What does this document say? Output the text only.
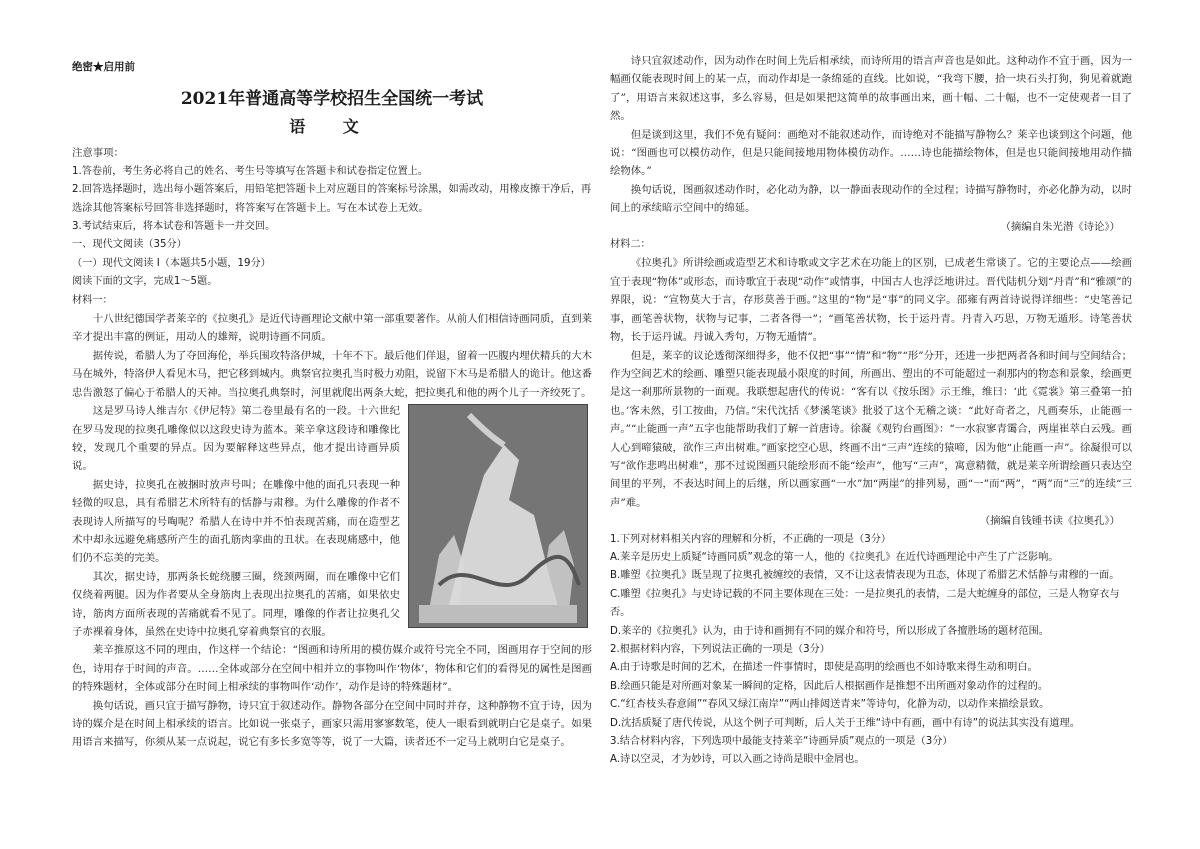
绝密★启用前

2021年普通高等学校招生全国统一考试

语 文

注意事项：

1.答卷前，考生务必将自己的姓名、考生号等填写在答题卡和试卷指定位置上。

2.回答选择题时，选出每小题答案后，用铅笔把答题卡上对应题目的答案标号涂黑，如需改动，用橡皮擦干净后，再选涂其他答案标号回答非选择题时，将答案写在答题卡上。写在本试卷上无效。

3.考试结束后，将本试卷和答题卡一并交回。

一、现代文阅读（35分）

（一）现代文阅读 I（本题共5小题，19分）

阅读下面的文字，完成1～5题。

材料一：

十八世纪德国学者莱辛的《拉奥孔》是近代诗画理论文献中第一部重要著作。从前人们相信诗画同质，直到莱辛才提出丰富的例证，用动人的雄辩，说明诗画不同质。

据传说，希腊人为了夺回海伦，举兵围攻特洛伊城，十年不下。最后他们佯退，留着一匹腹内埋伏精兵的大木马在城外，特洛伊人看见木马，把它移到城内。典祭官拉奥孔当时极力劝阻，说留下木马是希腊人的诡计。他这番忠告激怒了偏心于希腊人的天神。当拉奥孔典祭时，河里就爬出两条大蛇，把拉奥孔和他的两个儿子一齐绞死了。

这是罗马诗人维吉尔《伊尼特》第二卷里最有名的一段。十六世纪在罗马发现的拉奥孔雕像似以这段史诗为蓝本。莱辛拿这段诗和雕像比较，发现几个重要的异点。因为要解释这些异点，他才提出诗画异质说。

据史诗，拉奥孔在被捆时放声号叫；在雕像中他的面孔只表现一种轻微的叹息，具有希腊艺术所特有的恬静与肃穆。为什么雕像的作者不表现诗人所描写的号啕呢？希腊人在诗中并不怕表现苦痛，而在造型艺术中却永远避免痛感所产生的面孔筋肉挛曲的丑状。在表现痛感中，他们仍不忘美的完美。

其次，据史诗，那两条长蛇绕腰三圈，绕颈两圈，而在雕像中它们仅绕着两腿。因为作者要从全身筋肉上表现出拉奥孔的苦痛，如果依史诗，筋肉方面所表现的苦痛就看不见了。同理，雕像的作者让拉奥孔父子赤裸着身体，虽然在史诗中拉奥孔穿着典祭官的衣服。

莱辛推原这不同的理由，作这样一个结论：“图画和诗所用的模仿媒介或符号完全不同，图画用存于空间的形色，诗用存于时间的声音。……全体或部分在空间中相并立的事物叫作‘物体’，物体和它们的看得见的属性是图画的特殊题材，全体或部分在时间上相承续的事物叫作‘动作’，动作是诗的特殊题材”。

换句话说，画只宜于描写静物，诗只宜于叙述动作。静物各部分在空间中同时并存，这种静物不宜于诗，因为诗的媒介是在时间上相承续的语言。比如说一张桌子，画家只需用寥寥数笔，使人一眼看到就明白它是桌子。如果用语言来描写，你须从某一点说起，说它有多长多宽等等，说了一大篇，读者还不一定马上就明白它是桌子。

诗只宜叙述动作，因为动作在时间上先后相承续，而诗所用的语言声音也是如此。这种动作不宜于画，因为一幅画仅能表现时间上的某一点，而动作却是一条绵延的直线。比如说，“我弯下腰，拾一块石头打狗，狗见着就跑了”，用语言来叙述这事，多么容易，但是如果把这简单的故事画出来，画十幅、二十幅，也不一定使观者一目了然。

但是谈到这里，我们不免有疑问：画绝对不能叙述动作，而诗绝对不能描写静物么？莱辛也谈到这个问题，他说：“图画也可以模仿动作，但是只能间接地用物体模仿动作。……诗也能描绘物体，但是也只能间接地用动作描绘物体。”

换句话说，图画叙述动作时，必化动为静，以一静面表现动作的全过程；诗描写静物时，亦必化静为动，以时间上的承续暗示空间中的绵延。

（摘编自朱光潜《诗论》）

材料二：

《拉奥孔》所讲绘画或造型艺术和诗歌或文字艺术在功能上的区别，已成老生常谈了。它的主要论点——绘画宜于表现“物体”或形态，而诗歌宜于表现“动作”或情事，中国古人也浮泛地讲过。晋代陆机分划“丹青”和“雅颂”的界限，说：“宣物莫大于言，存形莫善于画。”这里的“物”是“事”的同义字。邵雍有两首诗说得详细些：“史笔善记事，画笔善状物，状物与记事，二者各得一”；“画笔善状物，长于运丹青。丹青入巧思，万物无遁形。诗笔善状物，长于运丹诚。丹诚入秀句，万物无遁情”。

但是，莱辛的议论透彻深细得多，他不仅把“事”“情”和“物”“形”分开，还进一步把两者各和时间与空间结合；作为空间艺术的绘画、雕塑只能表现最小限度的时间，所画出、塑出的不可能超过一刹那内的物态和景象，绘画更是这一刹那所景物的一面观。我联想起唐代的传说：“客有以《按乐图》示王维，维曰：‘此《霓裳》第三叠第一拍也。’客未然，引工按曲，乃信。”宋代沈括《梦溪笔谈》批驳了这个无稽之谈：“此好奇者之，凡画奏乐，止能画一声。”“止能画一声”五字也能帮助我们了解一首唐诗。徐凝《观钓台画图》：“一水寂寥青霭合，两崖崔萃白云残。画人心到啼猿破，欲作三声出树难。”画家挖空心思，终画不出“三声”连续的猿啼，因为他“止能画一声”。徐凝很可以写“欲作悲鸣出树难”，那不过说图画只能绘形而不能“绘声”，他写“三声”，寓意精微，就是莱辛所谓绘画只表达空间里的平列，不表达时间上的后继，所以画家画“一水”加“两崖”的排列易，画“一”而“两”，“两”而“三”的连续“三声”难。

（摘编自钱锺书读《拉奥孔》）

1.下列对材料相关内容的理解和分析，不正确的一项是（3分）

A.莱辛是历史上质疑“诗画同质”观念的第一人，他的《拉奥孔》在近代诗画理论中产生了广泛影响。

B.雕塑《拉奥孔》既呈现了拉奥孔被缠绞的表情，又不让这表情表现为丑态，体现了希腊艺术恬静与肃穆的一面。

C.雕塑《拉奥孔》与史诗记载的不同主要体现在三处：一是拉奥孔的表情，二是大蛇缠身的部位，三是人物穿衣与否。

D.莱辛的《拉奥孔》认为，由于诗和画拥有不同的媒介和符号，所以形成了各擅胜场的题材范围。

2.根据材料内容，下列说法正确的一项是（3分）

A.由于诗歌是时间的艺术，在描述一件事情时，即使是高明的绘画也不如诗歌来得生动和明白。

B.绘画只能是对所画对象某一瞬间的定格，因此后人根据画作是推想不出所画对象动作的过程的。

C.“红杏枝头春意闹”“春风又绿江南岸”“两山排闼送青来”等诗句，化静为动，以动作来描绘景致。

D.沈括质疑了唐代传说，从这个例子可判断，后人关于王维“诗中有画，画中有诗”的说法其实没有道理。

3.结合材料内容，下列选项中最能支持莱辛“诗画异质”观点的一项是（3分）

A.诗以空灵，才为妙诗，可以入画之诗尚是眼中金屑也。
